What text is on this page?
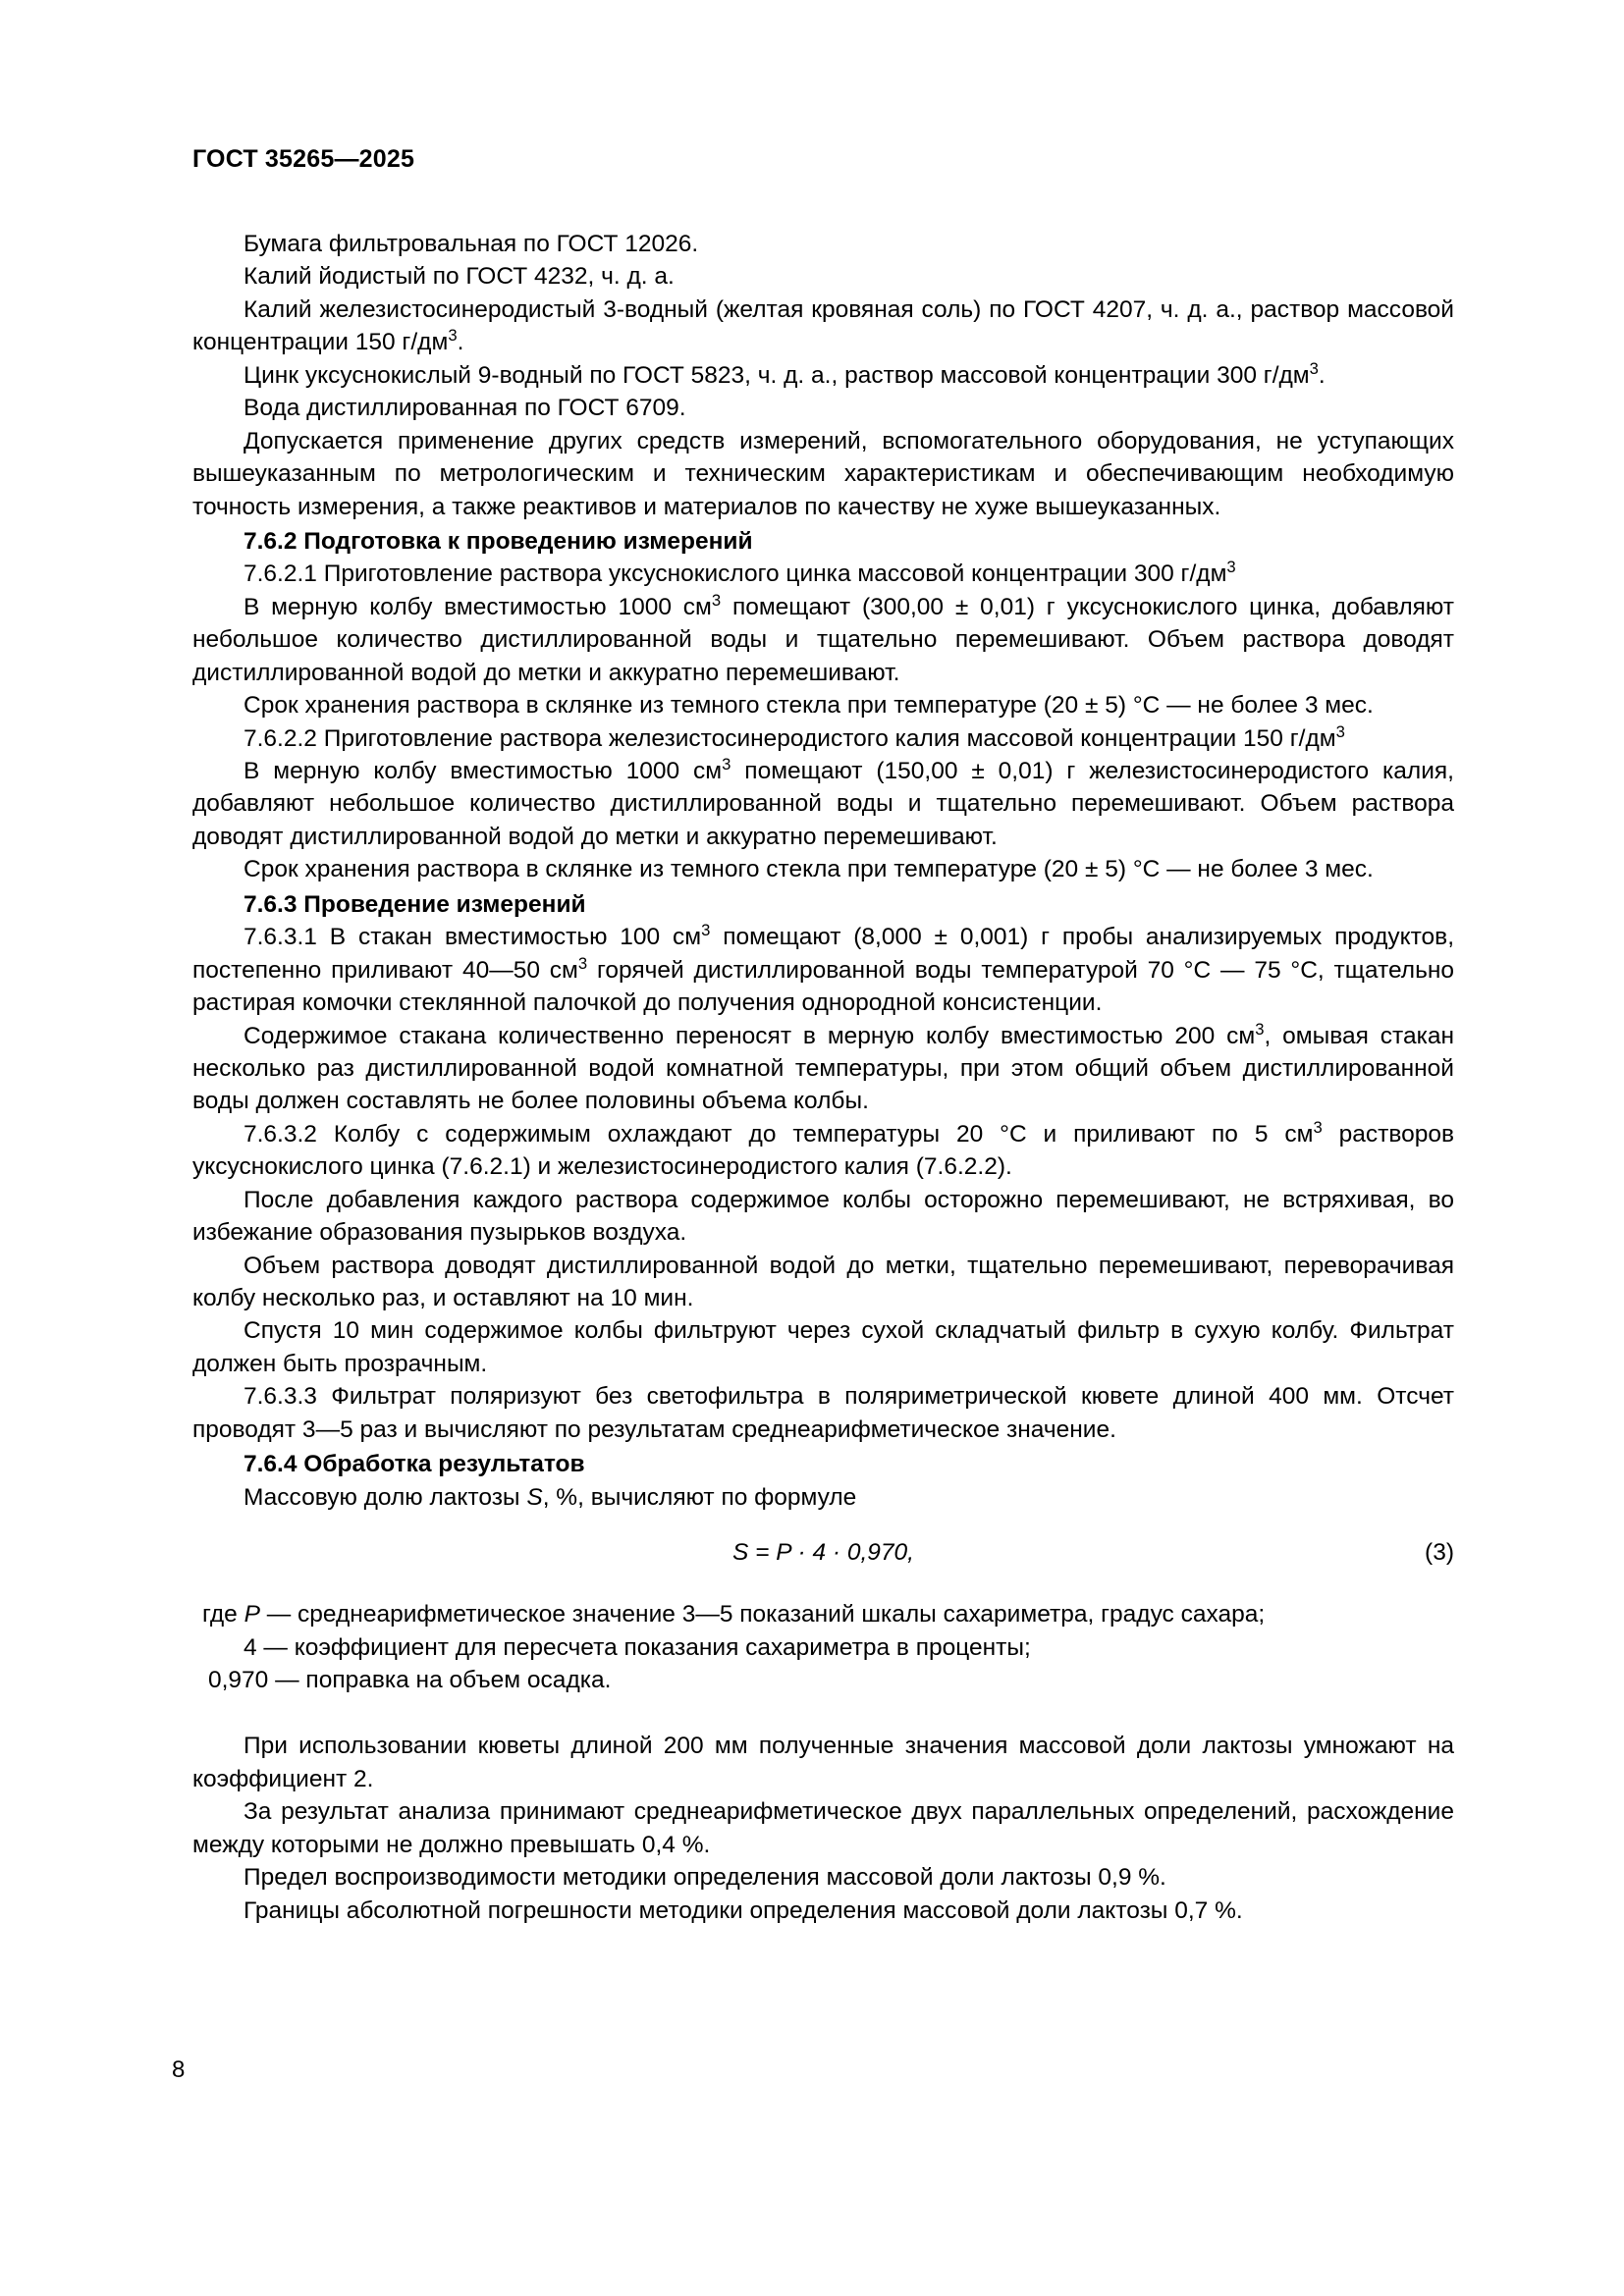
ГОСТ 35265—2025

Бумага фильтровальная по ГОСТ 12026.

Калий йодистый по ГОСТ 4232, ч. д. а.

Калий железистосинеродистый 3-водный (желтая кровяная соль) по ГОСТ 4207, ч. д. а., раствор массовой концентрации 150 $г/дм^3$.

Цинк уксуснокислый 9-водный по ГОСТ 5823, ч. д. а., раствор массовой концентрации 300 $г/дм^3$.

Вода дистиллированная по ГОСТ 6709.

Допускается применение других средств измерений, вспомогательного оборудования, не уступающих вышеуказанным по метрологическим и техническим характеристикам и обеспечивающим необходимую точность измерения, а также реактивов и материалов по качеству не хуже вышеуказанных.

7.6.2 Подготовка к проведению измерений

7.6.2.1 Приготовление раствора уксуснокислого цинка массовой концентрации 300 $г/дм^3$

В мерную колбу вместимостью 1000 $см^3$ помещают (300,00 ± 0,01) г уксуснокислого цинка, добавляют небольшое количество дистиллированной воды и тщательно перемешивают. Объем раствора доводят дистиллированной водой до метки и аккуратно перемешивают.

Срок хранения раствора в склянке из темного стекла при температуре (20 ± 5) °С — не более 3 мес.

7.6.2.2 Приготовление раствора железистосинеродистого калия массовой концентрации 150 $г/дм^3$

В мерную колбу вместимостью 1000 $см^3$ помещают (150,00 ± 0,01) г железистосинеродистого калия, добавляют небольшое количество дистиллированной воды и тщательно перемешивают. Объем раствора доводят дистиллированной водой до метки и аккуратно перемешивают.

Срок хранения раствора в склянке из темного стекла при температуре (20 ± 5) °С — не более 3 мес.

7.6.3 Проведение измерений

7.6.3.1 В стакан вместимостью 100 $см^3$ помещают (8,000 ± 0,001) г пробы анализируемых продуктов, постепенно приливают 40—50 $см^3$ горячей дистиллированной воды температурой 70 °С — 75 °С, тщательно растирая комочки стеклянной палочкой до получения однородной консистенции.

Содержимое стакана количественно переносят в мерную колбу вместимостью 200 $см^3$, омывая стакан несколько раз дистиллированной водой комнатной температуры, при этом общий объем дистиллированной воды должен составлять не более половины объема колбы.

7.6.3.2 Колбу с содержимым охлаждают до температуры 20 °С и приливают по 5 $см^3$ растворов уксуснокислого цинка (7.6.2.1) и железистосинеродистого калия (7.6.2.2).

После добавления каждого раствора содержимое колбы осторожно перемешивают, не встряхивая, во избежание образования пузырьков воздуха.

Объем раствора доводят дистиллированной водой до метки, тщательно перемешивают, переворачивая колбу несколько раз, и оставляют на 10 мин.

Спустя 10 мин содержимое колбы фильтруют через сухой складчатый фильтр в сухую колбу. Фильтрат должен быть прозрачным.

7.6.3.3 Фильтрат поляризуют без светофильтра в поляриметрической кювете длиной 400 мм. Отсчет проводят 3—5 раз и вычисляют по результатам среднеарифметическое значение.

7.6.4 Обработка результатов

Массовую долю лактозы S, %, вычисляют по формуле

S = P · 4 · 0,970,	(3)

где P — среднеарифметическое значение 3—5 показаний шкалы сахариметра, градус сахара;

4 — коэффициент для пересчета показания сахариметра в проценты;

0,970 — поправка на объем осадка.

При использовании кюветы длиной 200 мм полученные значения массовой доли лактозы умножают на коэффициент 2.

За результат анализа принимают среднеарифметическое двух параллельных определений, расхождение между которыми не должно превышать 0,4 %.

Предел воспроизводимости методики определения массовой доли лактозы 0,9 %.

Границы абсолютной погрешности методики определения массовой доли лактозы 0,7 %.

8
